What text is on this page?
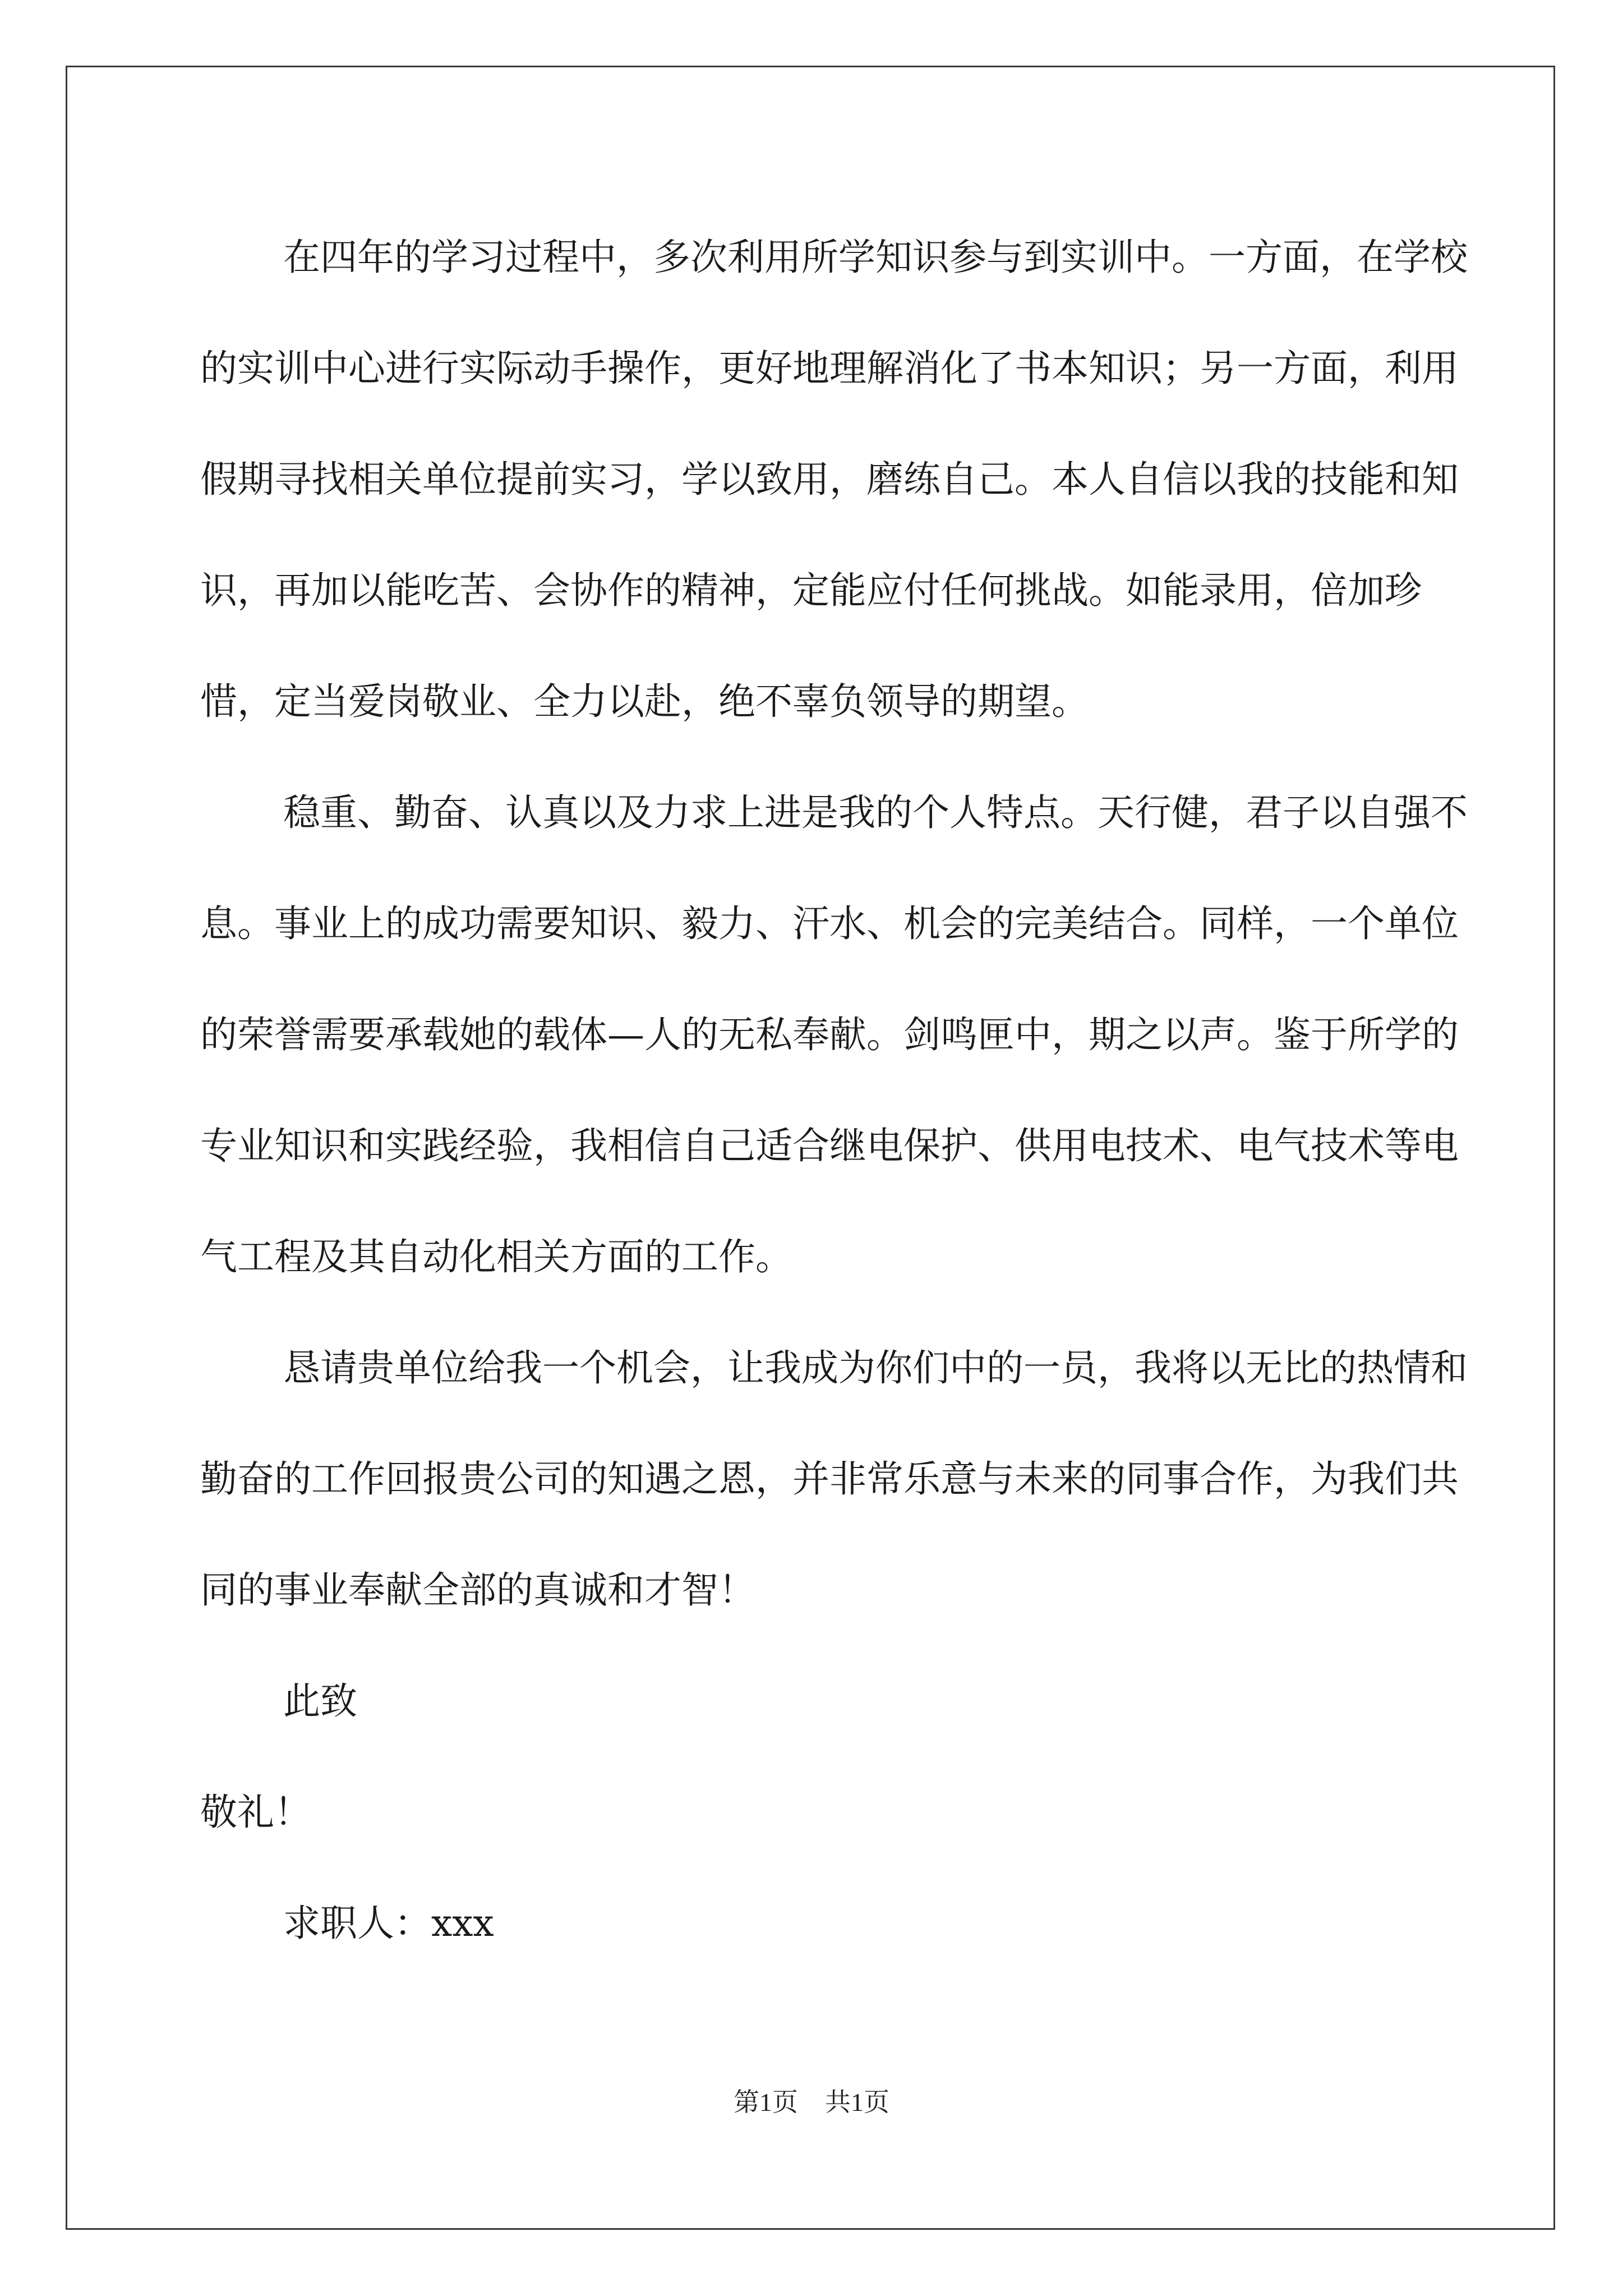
在四年的学习过程中，多次利用所学知识参与到实训中。一方面，在学校的实训中心进行实际动手操作，更好地理解消化了书本知识；另一方面，利用假期寻找相关单位提前实习，学以致用，磨练自己。本人自信以我的技能和知识，再加以能吃苦、会协作的精神，定能应付任何挑战。如能录用，倍加珍惜，定当爱岗敬业、全力以赴，绝不辜负领导的期望。

稳重、勤奋、认真以及力求上进是我的个人特点。天行健，君子以自强不息。事业上的成功需要知识、毅力、汗水、机会的完美结合。同样，一个单位的荣誉需要承载她的载体—人的无私奉献。剑鸣匣中，期之以声。鉴于所学的专业知识和实践经验，我相信自己适合继电保护、供用电技术、电气技术等电气工程及其自动化相关方面的工作。

恳请贵单位给我一个机会，让我成为你们中的一员，我将以无比的热情和勤奋的工作回报贵公司的知遇之恩，并非常乐意与未来的同事合作，为我们共同的事业奉献全部的真诚和才智！

此致

敬礼！

求职人：xxx

第1页 共1页
